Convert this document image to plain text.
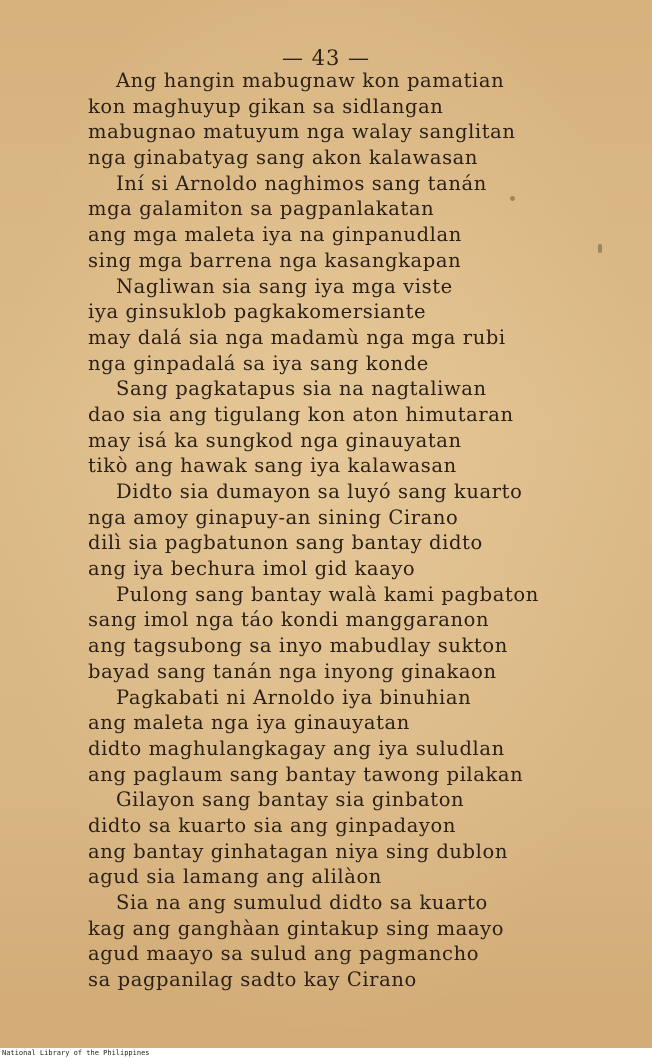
— 43 —
Ang hangin mabugnaw kon pamatian
kon maghuyup gikan sa sidlangan
mabugnao matuyum nga walay sanglitan
nga ginabatyag sang akon kalawasan
Iní si Arnoldo naghimos sang tanán
mga galamiton sa pagpanlakatan
ang mga maleta iya na ginpanudlan
sing mga barrena nga kasangkapan
Nagliwan sia sang iya mga viste
iya ginsuklob pagkakomersiante
may dalá sia nga madamù nga mga rubi
nga ginpadalá sa iya sang konde
Sang pagkatapus sia na nagtaliwan
dao sia ang tigulang kon aton himutaran
may isá ka sungkod nga ginauyatan
tikò ang hawak sang iya kalawasan
Didto sia dumayon sa luyó sang kuarto
nga amoy ginapuy-an sining Cirano
dilì sia pagbatunon sang bantay didto
ang iya bechura imol gid kaayo
Pulong sang bantay walà kami pagbaton
sang imol nga táo kondi manggaranon
ang tagsubong sa inyo mabudlay sukton
bayad sang tanán nga inyong ginakaon
Pagkabati ni Arnoldo iya binuhian
ang maleta nga iya ginauyatan
didto maghulangkagay ang iya suludlan
ang paglaum sang bantay tawong pilakan
Gilayon sang bantay sia ginbaton
didto sa kuarto sia ang ginpadayon
ang bantay ginhatagan niya sing dublon
agud sia lamang ang alilàon
Sia na ang sumulud didto sa kuarto
kag ang ganghàan gintakup sing maayo
agud maayo sa sulud ang pagmancho
sa pagpanilag sadto kay Cirano
National Library of the Philippines
